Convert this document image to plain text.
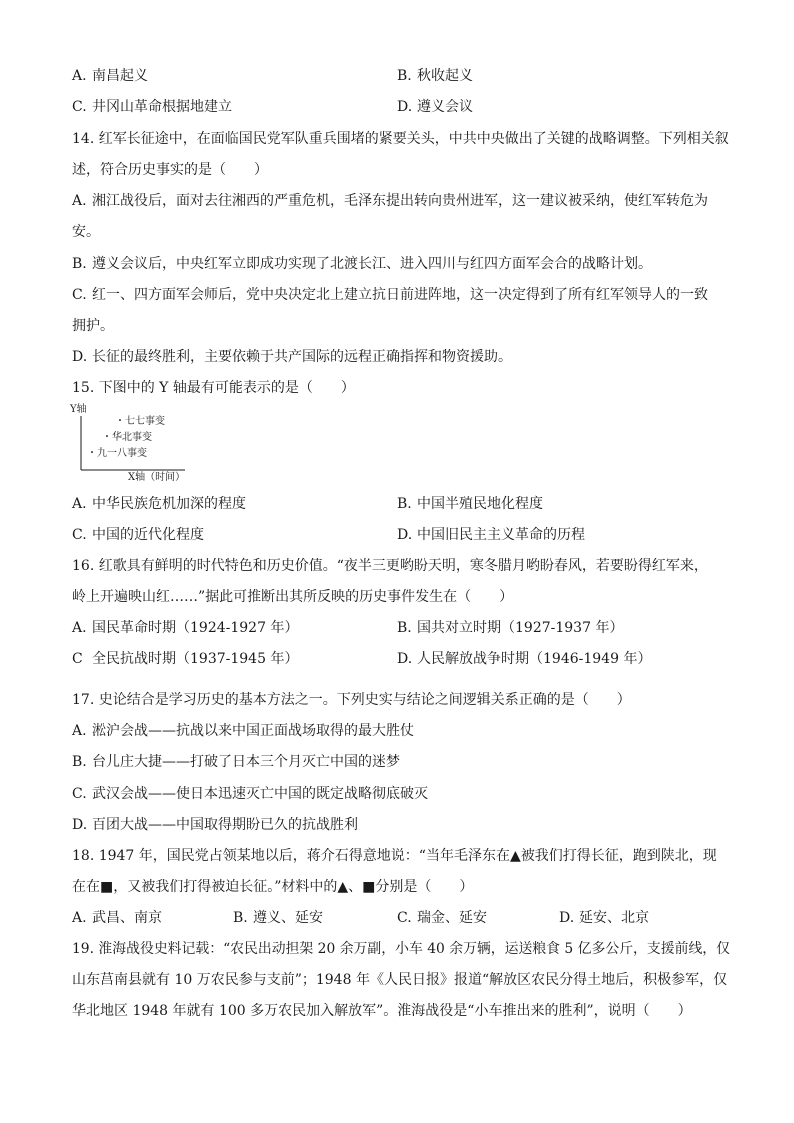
A. 南昌起义	B. 秋收起义
C. 井冈山革命根据地建立	D. 遵义会议
14. 红军长征途中，在面临国民党军队重兵围堵的紧要关头，中共中央做出了关键的战略调整。下列相关叙
述，符合历史事实的是（　　）
A. 湘江战役后，面对去往湘西的严重危机，毛泽东提出转向贵州进军，这一建议被采纳，使红军转危为
安。
B. 遵义会议后，中央红军立即成功实现了北渡长江、进入四川与红四方面军会合的战略计划。
C. 红一、四方面军会师后，党中央决定北上建立抗日前进阵地，这一决定得到了所有红军领导人的一致
拥护。
D. 长征的最终胜利，主要依赖于共产国际的远程正确指挥和物资援助。
15. 下图中的 Y 轴最有可能表示的是（　　）
Y轴
・七七事变
・华北事变
・九一八事变
X轴（时间）
A. 中华民族危机加深的程度	B. 中国半殖民地化程度
C. 中国的近代化程度	D. 中国旧民主主义革命的历程
16. 红歌具有鲜明的时代特色和历史价值。“夜半三更哟盼天明，寒冬腊月哟盼春风，若要盼得红军来，
岭上开遍映山红……”据此可推断出其所反映的历史事件发生在（　　）
A. 国民革命时期（1924-1927 年）	B. 国共对立时期（1927-1937 年）
C 全民抗战时期（1937-1945 年）	D. 人民解放战争时期（1946-1949 年）
17. 史论结合是学习历史的基本方法之一。下列史实与结论之间逻辑关系正确的是（　　）
A. 淞沪会战——抗战以来中国正面战场取得的最大胜仗
B. 台儿庄大捷——打破了日本三个月灭亡中国的迷梦
C. 武汉会战——使日本迅速灭亡中国的既定战略彻底破灭
D. 百团大战——中国取得期盼已久的抗战胜利
18. 1947 年，国民党占领某地以后，蒋介石得意地说：“当年毛泽东在▲被我们打得长征，跑到陕北，现
在在■，又被我们打得被迫长征。”材料中的▲、■分别是（　　）
A. 武昌、南京	B. 遵义、延安	C. 瑞金、延安	D. 延安、北京
19. 淮海战役史料记载：“农民出动担架 20 余万副，小车 40 余万辆，运送粮食 5 亿多公斤，支援前线，仅
山东莒南县就有 10 万农民参与支前”；1948 年《人民日报》报道“解放区农民分得土地后，积极参军，仅
华北地区 1948 年就有 100 多万农民加入解放军”。淮海战役是“小车推出来的胜利”，说明（　　）
